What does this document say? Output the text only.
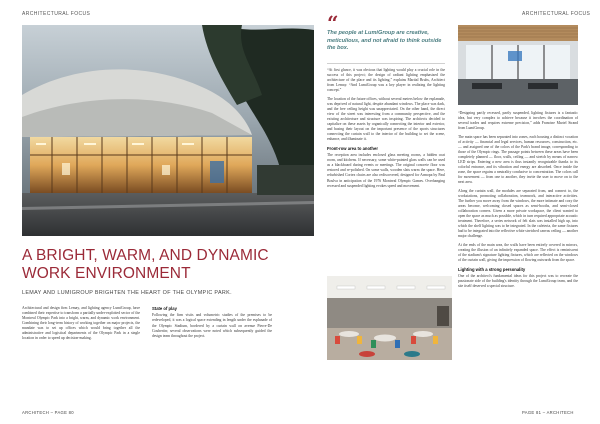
ARCHITECTURAL FOCUS
A BRIGHT, WARM, AND DYNAMIC WORK ENVIRONMENT
LEMAY AND LUMIGROUP BRIGHTEN THE HEART OF THE OLYMPIC PARK.

Architectural and design firm Lemay, and lighting agency LumiGroup, have combined their expertise to transform a partially under-exploited sector of the Montreal Olympic Park into a bright, warm, and dynamic work environment. Combining their long-term history of working together on major projects, the mandate was to set up offices which would bring together all the administrative and logistical departments of the Olympic Park in a single location in order to speed up decision-making.

State of play

Following the firm visits and volumetric studies of the premises to be redeveloped, it was a logical space extending in length under the esplanade of the Olympic Stadium, bordered by a curtain wall on avenue Pierre-De Coubertin; several observations were noted which subsequently guided the design team throughout the project.

ARCHITECH – PAGE 80
“
The people at LumiGroup are creative, meticulious, and not afraid to think outside the box.

“At first glance, it was obvious that lighting would play a crucial role in the success of this project; the design of radiant lighting emphasized the architecture of the place and its lighting,” explains Martial Bruhs, Architect from Lemay. “And LumiGroup was a key player in realizing the lighting concept.”

The location of the future offices, without several meters below the esplanade, was deprived of natural light, despite abundant windows. The place was dark, and the free ceiling height was unappreciated. On the other hand, the direct view of the street was interesting from a community perspective, and the existing architecture and structure was inspiring. The architects decided to capitalize on these assets by organically connecting the interior and exterior, and basing their layout on the important presence of the sports structures connecting the curtain wall to the interior of the building to set the scene, enhance, and illuminate it.

Front-row area to another

The reception area includes enclosed glass meeting rooms, a hidden coat room, and kitchens. If necessary, some white-painted glass walls can be used as a blackboard during events or meetings. The original concrete floor was restored and re-polished. On some walls, wooden slats warm the space. Here, refurbished Cortex chairs are also rediscovered, designed for Armopa by Paul Boulva in anticipation of the 1976 Montreal Olympic Games. Overhanging recessed and suspended lighting evokes speed and movement.

ARCHITECTURAL FOCUS

“Designing partly recessed, partly suspended, lighting fixtures is a fantastic idea, but very complex to achieve because it involves the coordination of several trades and requires extreme precision,” adds Francine Martel Strand from LumiGroup.

The main space has been separated into zones, each housing a distinct vocation of activity — financial and legal services, human resources, construction, etc. — and assigned one of the colors of the Park's brand image, corresponding to those of the Olympic rings. The passage points between these areas have been completely planned — floor, walls, ceiling — and stretch by means of narrow LED strips. Entering a new area is thus instantly recognizable thanks to its colorful entrance, and its vibration and energy are absorbed. Once inside the zone, the space regains a neutrality conducive to concentration. The colors call for movement — from one to another, they invite the user to move on to the next area.

Along the curtain wall, the modules are separated from, and connect to, the workstations, promoting collaboration, teamwork, and interactive activities. The further you move away from the windows, the more intimate and cozy the areas become, welcoming closed spaces as semi-booths, and semi-closed collaboration corners. Given a more private workspace, the client wanted to open the space as much as possible, which in turn required appropriate acoustic treatment. Therefore, a series network of felt slats was installed high up, into which the shelf lighting was to be integrated. In the cafeteria, the same fixtures had to be integrated into the reflective white stretched canvas ceiling — another major challenge.

At the ends of the main area, the walls have been entirely covered in mirrors, creating the illusion of an infinitely expanded space. The effect is reminiscent of the stadium's signature lighting fixtures, which are reflected on the windows of the curtain wall, giving the impression of flowing outwards from the space.

Lighting with a strong personality

One of the architect's fundamental ideas for this project was to recreate the passionate side of the building's identity through the LumiGroup team, and the site itself deserved a special structure.

PAGE 81 – ARCHITECH
